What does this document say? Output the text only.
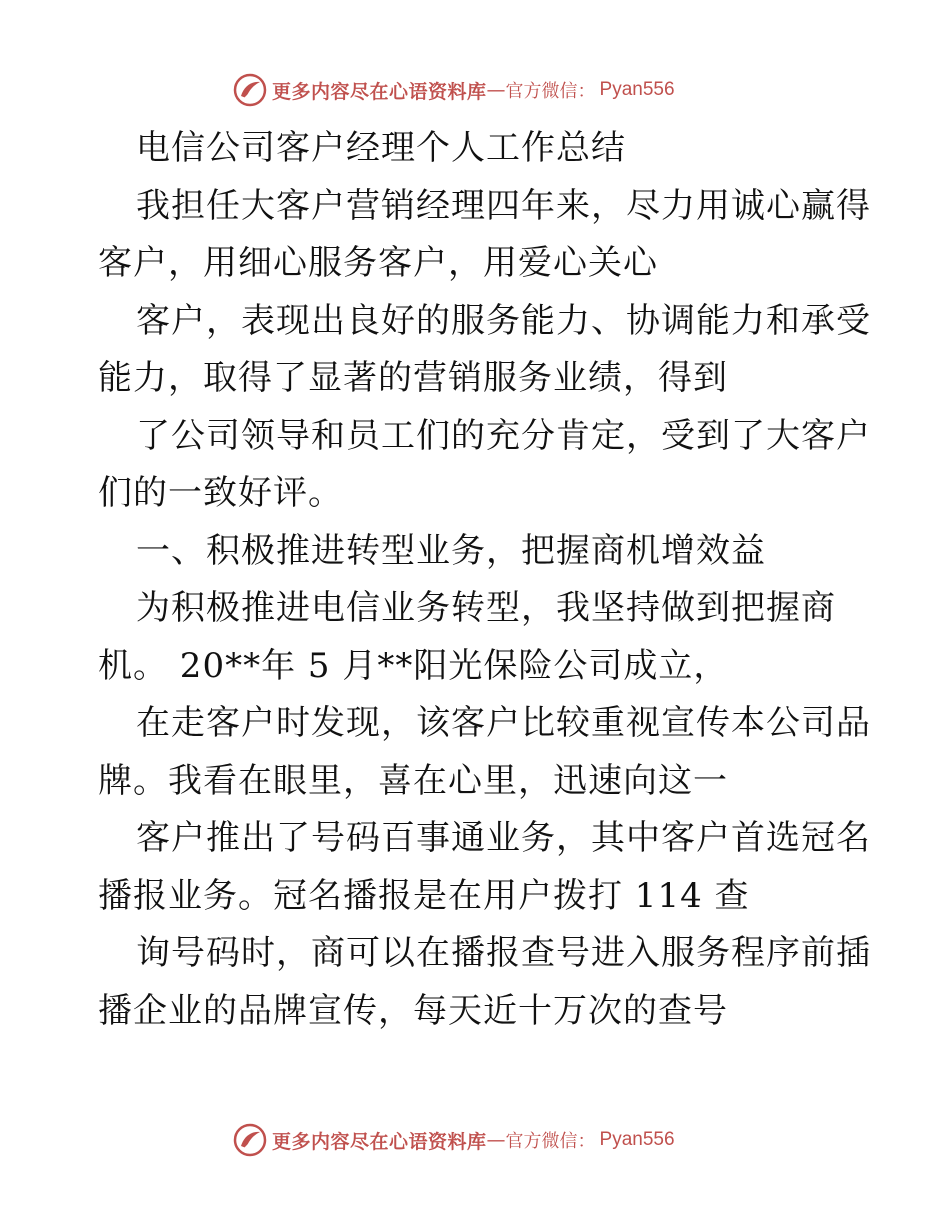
更多内容尽在心语资料库 — 官方微信： Pyan556
电信公司客户经理个人工作总结
我担任大客户营销经理四年来，尽力用诚心赢得
客户，用细心服务客户，用爱心关心
客户，表现出良好的服务能力、协调能力和承受
能力，取得了显著的营销服务业绩，得到
了公司领导和员工们的充分肯定，受到了大客户
们的一致好评。
一、积极推进转型业务，把握商机增效益
为积极推进电信业务转型，我坚持做到把握商
机。 20**年 5 月**阳光保险公司成立，
在走客户时发现，该客户比较重视宣传本公司品
牌。我看在眼里，喜在心里，迅速向这一
客户推出了号码百事通业务，其中客户首选冠名
播报业务。冠名播报是在用户拨打 114 查
询号码时，商可以在播报查号进入服务程序前插
播企业的品牌宣传，每天近十万次的查号
更多内容尽在心语资料库 — 官方微信： Pyan556
